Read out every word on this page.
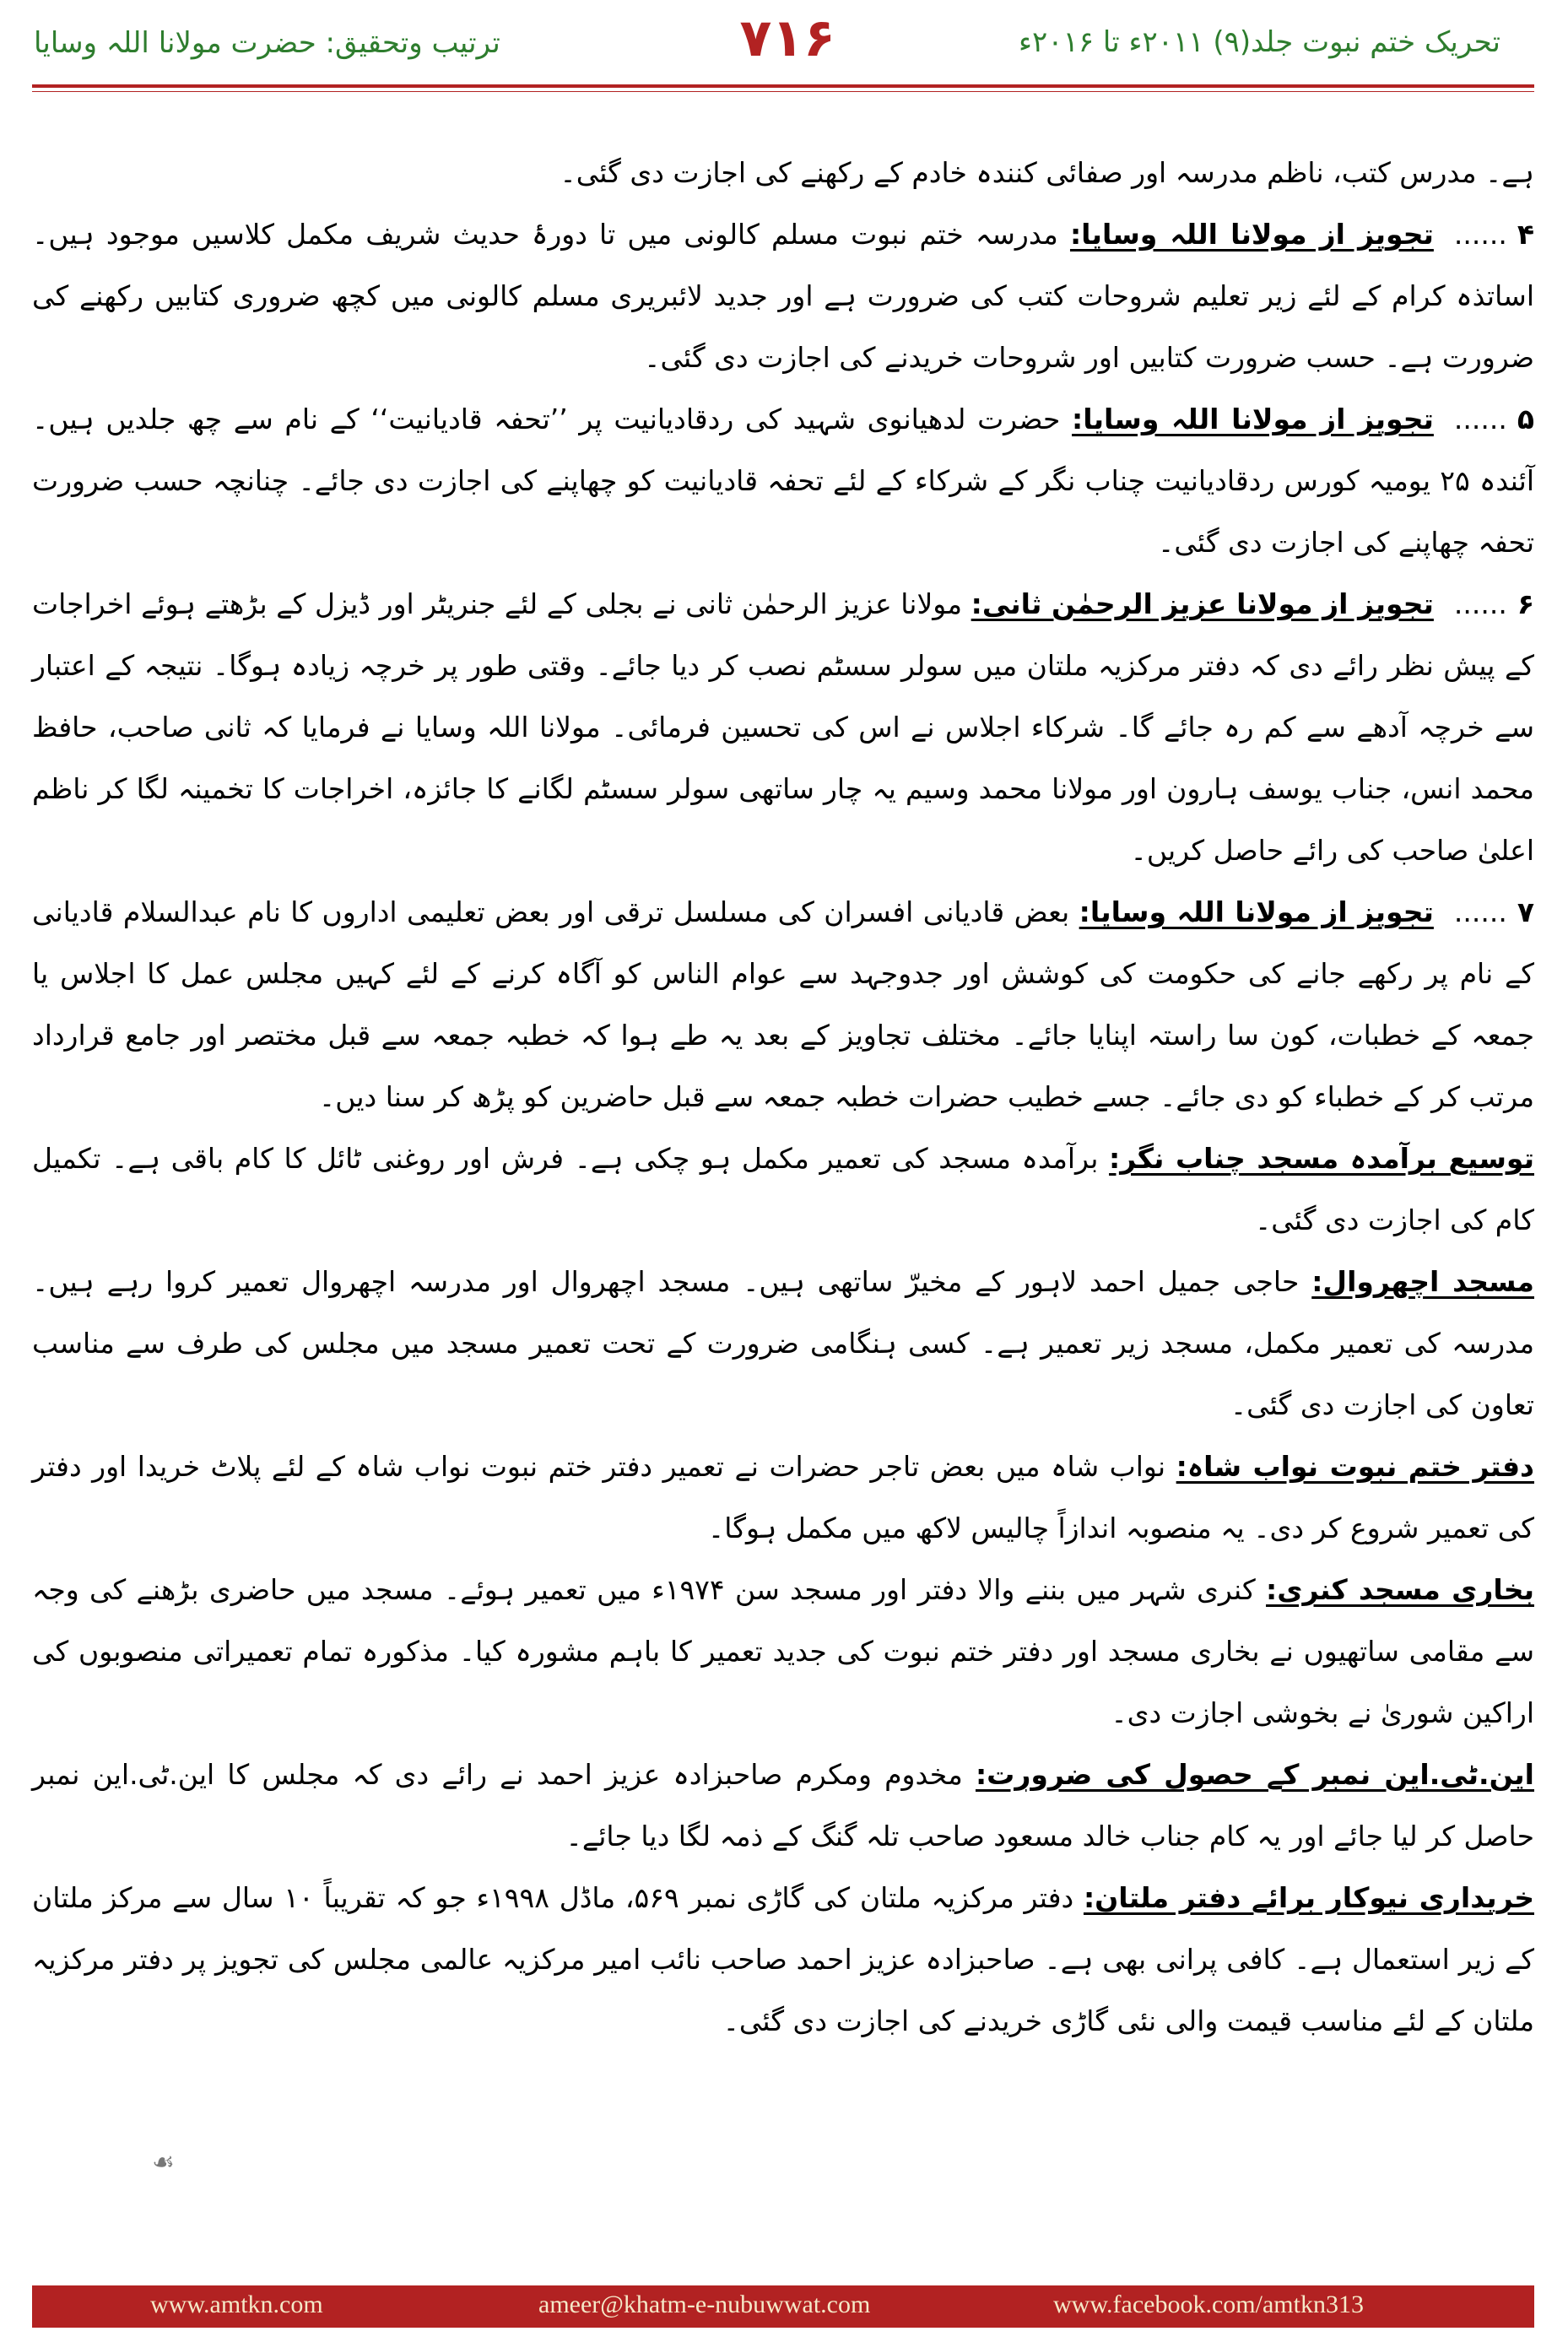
تحریک ختم نبوت جلد(۹) ۲۰۱۱ء تا ۲۰۱۶ء
۷۱۶
ترتیب وتحقیق: حضرت مولانا اللہ وسایا

ہے۔ مدرس کتب، ناظم مدرسہ اور صفائی کنندہ خادم کے رکھنے کی اجازت دی گئی۔

۴......تجویز از مولانا اللہ وسایا: مدرسہ ختم نبوت مسلم کالونی میں تا دورۂ حدیث شریف مکمل کلاسیں موجود ہیں۔ اساتذہ کرام کے لئے زیر تعلیم شروحات کتب کی ضرورت ہے اور جدید لائبریری مسلم کالونی میں کچھ ضروری کتابیں رکھنے کی ضرورت ہے۔ حسب ضرورت کتابیں اور شروحات خریدنے کی اجازت دی گئی۔

۵......تجویز از مولانا اللہ وسایا: حضرت لدھیانوی شہید کی ردقادیانیت پر ’’تحفہ قادیانیت‘‘ کے نام سے چھ جلدیں ہیں۔ آئندہ ۲۵ یومیہ کورس ردقادیانیت چناب نگر کے شرکاء کے لئے تحفہ قادیانیت کو چھاپنے کی اجازت دی جائے۔ چنانچہ حسب ضرورت تحفہ چھاپنے کی اجازت دی گئی۔

۶......تجویز از مولانا عزیز الرحمٰن ثانی: مولانا عزیز الرحمٰن ثانی نے بجلی کے لئے جنریٹر اور ڈیزل کے بڑھتے ہوئے اخراجات کے پیش نظر رائے دی کہ دفتر مرکزیہ ملتان میں سولر سسٹم نصب کر دیا جائے۔ وقتی طور پر خرچہ زیادہ ہوگا۔ نتیجہ کے اعتبار سے خرچہ آدھے سے کم رہ جائے گا۔ شرکاء اجلاس نے اس کی تحسین فرمائی۔ مولانا اللہ وسایا نے فرمایا کہ ثانی صاحب، حافظ محمد انس، جناب یوسف ہارون اور مولانا محمد وسیم یہ چار ساتھی سولر سسٹم لگانے کا جائزہ، اخراجات کا تخمینہ لگا کر ناظم اعلیٰ صاحب کی رائے حاصل کریں۔

۷......تجویز از مولانا اللہ وسایا: بعض قادیانی افسران کی مسلسل ترقی اور بعض تعلیمی اداروں کا نام عبدالسلام قادیانی کے نام پر رکھے جانے کی حکومت کی کوشش اور جدوجہد سے عوام الناس کو آگاہ کرنے کے لئے کہیں مجلس عمل کا اجلاس یا جمعہ کے خطبات، کون سا راستہ اپنایا جائے۔ مختلف تجاویز کے بعد یہ طے ہوا کہ خطبہ جمعہ سے قبل مختصر اور جامع قرارداد مرتب کر کے خطباء کو دی جائے۔ جسے خطیب حضرات خطبہ جمعہ سے قبل حاضرین کو پڑھ کر سنا دیں۔

توسیع برآمدہ مسجد چناب نگر: برآمدہ مسجد کی تعمیر مکمل ہو چکی ہے۔ فرش اور روغنی ٹائل کا کام باقی ہے۔ تکمیل کام کی اجازت دی گئی۔

مسجد اچھروال: حاجی جمیل احمد لاہور کے مخیرّ ساتھی ہیں۔ مسجد اچھروال اور مدرسہ اچھروال تعمیر کروا رہے ہیں۔ مدرسہ کی تعمیر مکمل، مسجد زیر تعمیر ہے۔ کسی ہنگامی ضرورت کے تحت تعمیر مسجد میں مجلس کی طرف سے مناسب تعاون کی اجازت دی گئی۔

دفتر ختم نبوت نواب شاہ: نواب شاہ میں بعض تاجر حضرات نے تعمیر دفتر ختم نبوت نواب شاہ کے لئے پلاٹ خریدا اور دفتر کی تعمیر شروع کر دی۔ یہ منصوبہ اندازاً چالیس لاکھ میں مکمل ہوگا۔

بخاری مسجد کنری: کنری شہر میں بننے والا دفتر اور مسجد سن ۱۹۷۴ء میں تعمیر ہوئے۔ مسجد میں حاضری بڑھنے کی وجہ سے مقامی ساتھیوں نے بخاری مسجد اور دفتر ختم نبوت کی جدید تعمیر کا باہم مشورہ کیا۔ مذکورہ تمام تعمیراتی منصوبوں کی اراکین شوریٰ نے بخوشی اجازت دی۔

این.ٹی.این نمبر کے حصول کی ضرورت: مخدوم ومکرم صاحبزادہ عزیز احمد نے رائے دی کہ مجلس کا این.ٹی.این نمبر حاصل کر لیا جائے اور یہ کام جناب خالد مسعود صاحب تلہ گنگ کے ذمہ لگا دیا جائے۔

خریداری نیوکار برائے دفتر ملتان: دفتر مرکزیہ ملتان کی گاڑی نمبر ۵۶۹، ماڈل ۱۹۹۸ء جو کہ تقریباً ۱۰ سال سے مرکز ملتان کے زیر استعمال ہے۔ کافی پرانی بھی ہے۔ صاحبزادہ عزیز احمد صاحب نائب امیر مرکزیہ عالمی مجلس کی تجویز پر دفتر مرکزیہ ملتان کے لئے مناسب قیمت والی نئی گاڑی خریدنے کی اجازت دی گئی۔

☙
www.amtkn.com	ameer@khatm-e-nubuwwat.com	www.facebook.com/amtkn313
